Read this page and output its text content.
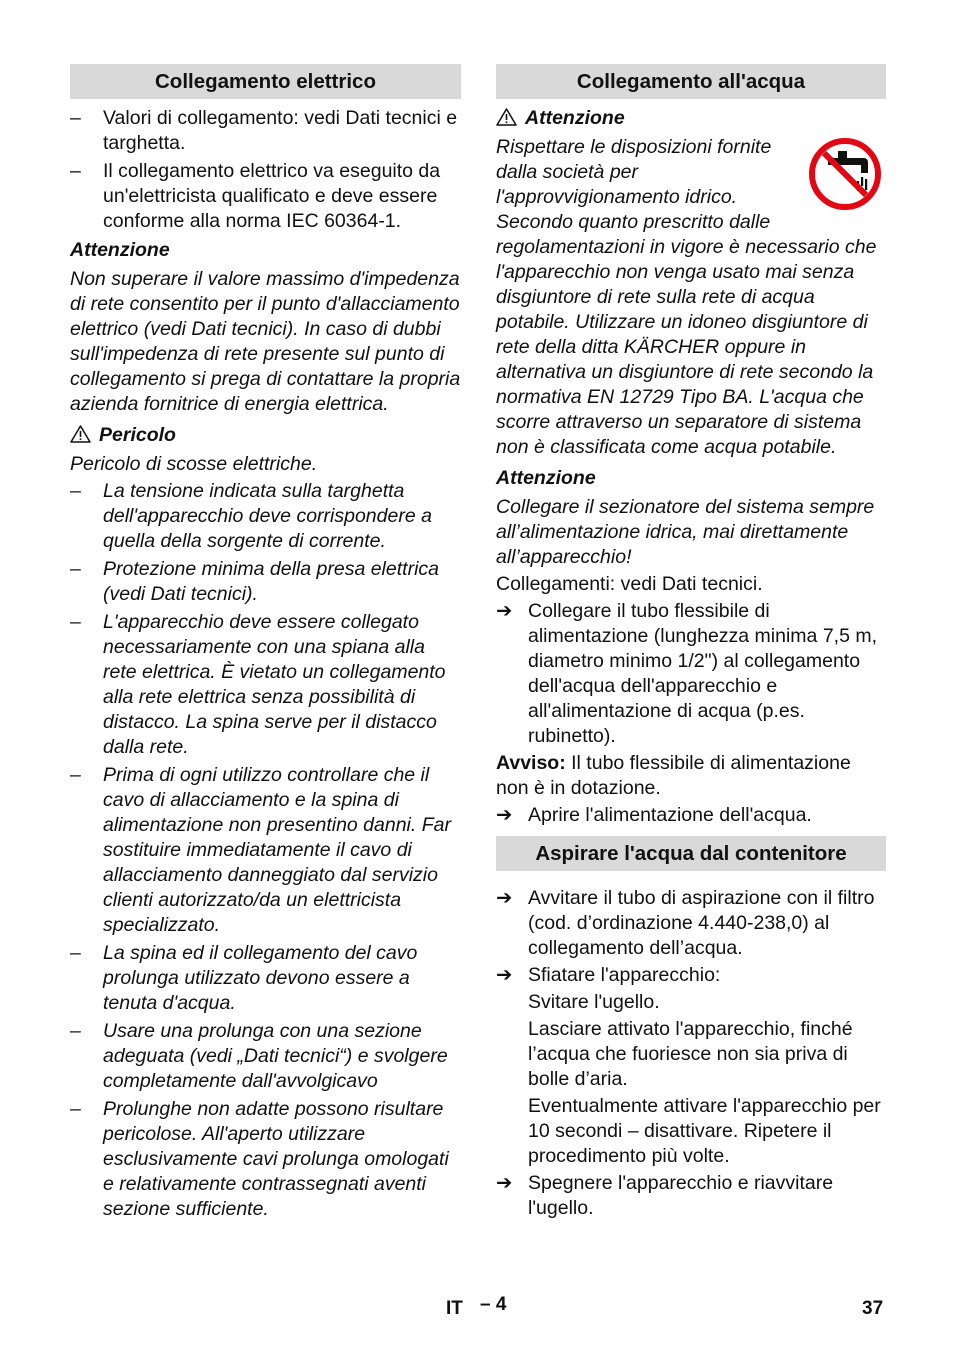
Collegamento elettrico
– Valori di collegamento: vedi Dati tecnici e targhetta.
– Il collegamento elettrico va eseguito da un'elettricista qualificato e deve essere conforme alla norma IEC 60364-1.
Attenzione
Non superare il valore massimo d'impedenza di rete consentito per il punto d'allacciamento elettrico (vedi Dati tecnici). In caso di dubbi sull'impedenza di rete presente sul punto di collegamento si prega di contattare la propria azienda fornitrice di energia elettrica.
Pericolo
Pericolo di scosse elettriche.
– La tensione indicata sulla targhetta dell'apparecchio deve corrispondere a quella della sorgente di corrente.
– Protezione minima della presa elettrica (vedi Dati tecnici).
– L'apparecchio deve essere collegato necessariamente con una spiana alla rete elettrica. È vietato un collegamento alla rete elettrica senza possibilità di distacco. La spina serve per il distacco dalla rete.
– Prima di ogni utilizzo controllare che il cavo di allacciamento e la spina di alimentazione non presentino danni. Far sostituire immediatamente il cavo di allacciamento danneggiato dal servizio clienti autorizzato/da un elettricista specializzato.
– La spina ed il collegamento del cavo prolunga utilizzato devono essere a tenuta d'acqua.
– Usare una prolunga con una sezione adeguata (vedi „Dati tecnici“) e svolgere completamente dall'avvolgicavo
– Prolunghe non adatte possono risultare pericolose. All'aperto utilizzare esclusivamente cavi prolunga omologati e relativamente contrassegnati aventi sezione sufficiente.
Collegamento all'acqua
Attenzione
Rispettare le disposizioni fornite dalla società per l'approvvigionamento idrico. Secondo quanto prescritto dalle regolamentazioni in vigore è necessario che l'apparecchio non venga usato mai senza disgiuntore di rete sulla rete di acqua potabile. Utilizzare un idoneo disgiuntore di rete della ditta KÄRCHER oppure in alternativa un disgiuntore di rete secondo la normativa EN 12729 Tipo BA. L'acqua che scorre attraverso un separatore di sistema non è classificata come acqua potabile.
Attenzione
Collegare il sezionatore del sistema sempre all’alimentazione idrica, mai direttamente all’apparecchio!
Collegamenti: vedi Dati tecnici.
➔ Collegare il tubo flessibile di alimentazione (lunghezza minima 7,5 m, diametro minimo 1/2") al collegamento dell'acqua dell'apparecchio e all'alimentazione di acqua (p.es. rubinetto).
Avviso: Il tubo flessibile di alimentazione non è in dotazione.
➔ Aprire l'alimentazione dell'acqua.
Aspirare l'acqua dal contenitore
➔ Avvitare il tubo di aspirazione con il filtro (cod. d’ordinazione 4.440-238,0) al collegamento dell’acqua.
➔ Sfiatare l'apparecchio:
Svitare l'ugello.
Lasciare attivato l'apparecchio, finché l’acqua che fuoriesce non sia priva di bolle d’aria.
Eventualmente attivare l'apparecchio per 10 secondi – disattivare. Ripetere il procedimento più volte.
➔ Spegnere l'apparecchio e riavvitare l'ugello.
IT – 4	37
